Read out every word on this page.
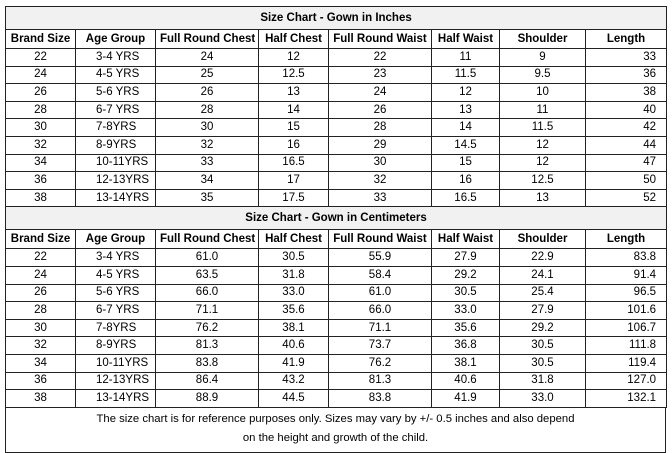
Size Chart - Gown in Inches							
Brand Size	Age Group	Full Round Chest	Half Chest	Full Round Waist	Half Waist	Shoulder	Length
22	3-4 YRS	24	12	22	11	9	33
24	4-5 YRS	25	12.5	23	11.5	9.5	36
26	5-6 YRS	26	13	24	12	10	38
28	6-7 YRS	28	14	26	13	11	40
30	7-8YRS	30	15	28	14	11.5	42
32	8-9YRS	32	16	29	14.5	12	44
34	10-11YRS	33	16.5	30	15	12	47
36	12-13YRS	34	17	32	16	12.5	50
38	13-14YRS	35	17.5	33	16.5	13	52
Size Chart - Gown in Centimeters							
Brand Size	Age Group	Full Round Chest	Half Chest	Full Round Waist	Half Waist	Shoulder	Length
22	3-4 YRS	61.0	30.5	55.9	27.9	22.9	83.8
24	4-5 YRS	63.5	31.8	58.4	29.2	24.1	91.4
26	5-6 YRS	66.0	33.0	61.0	30.5	25.4	96.5
28	6-7 YRS	71.1	35.6	66.0	33.0	27.9	101.6
30	7-8YRS	76.2	38.1	71.1	35.6	29.2	106.7
32	8-9YRS	81.3	40.6	73.7	36.8	30.5	111.8
34	10-11YRS	83.8	41.9	76.2	38.1	30.5	119.4
36	12-13YRS	86.4	43.2	81.3	40.6	31.8	127.0
38	13-14YRS	88.9	44.5	83.8	41.9	33.0	132.1
The size chart is for reference purposes only. Sizes may vary by +/- 0.5 inches and also depend
on the height and growth of the child.
